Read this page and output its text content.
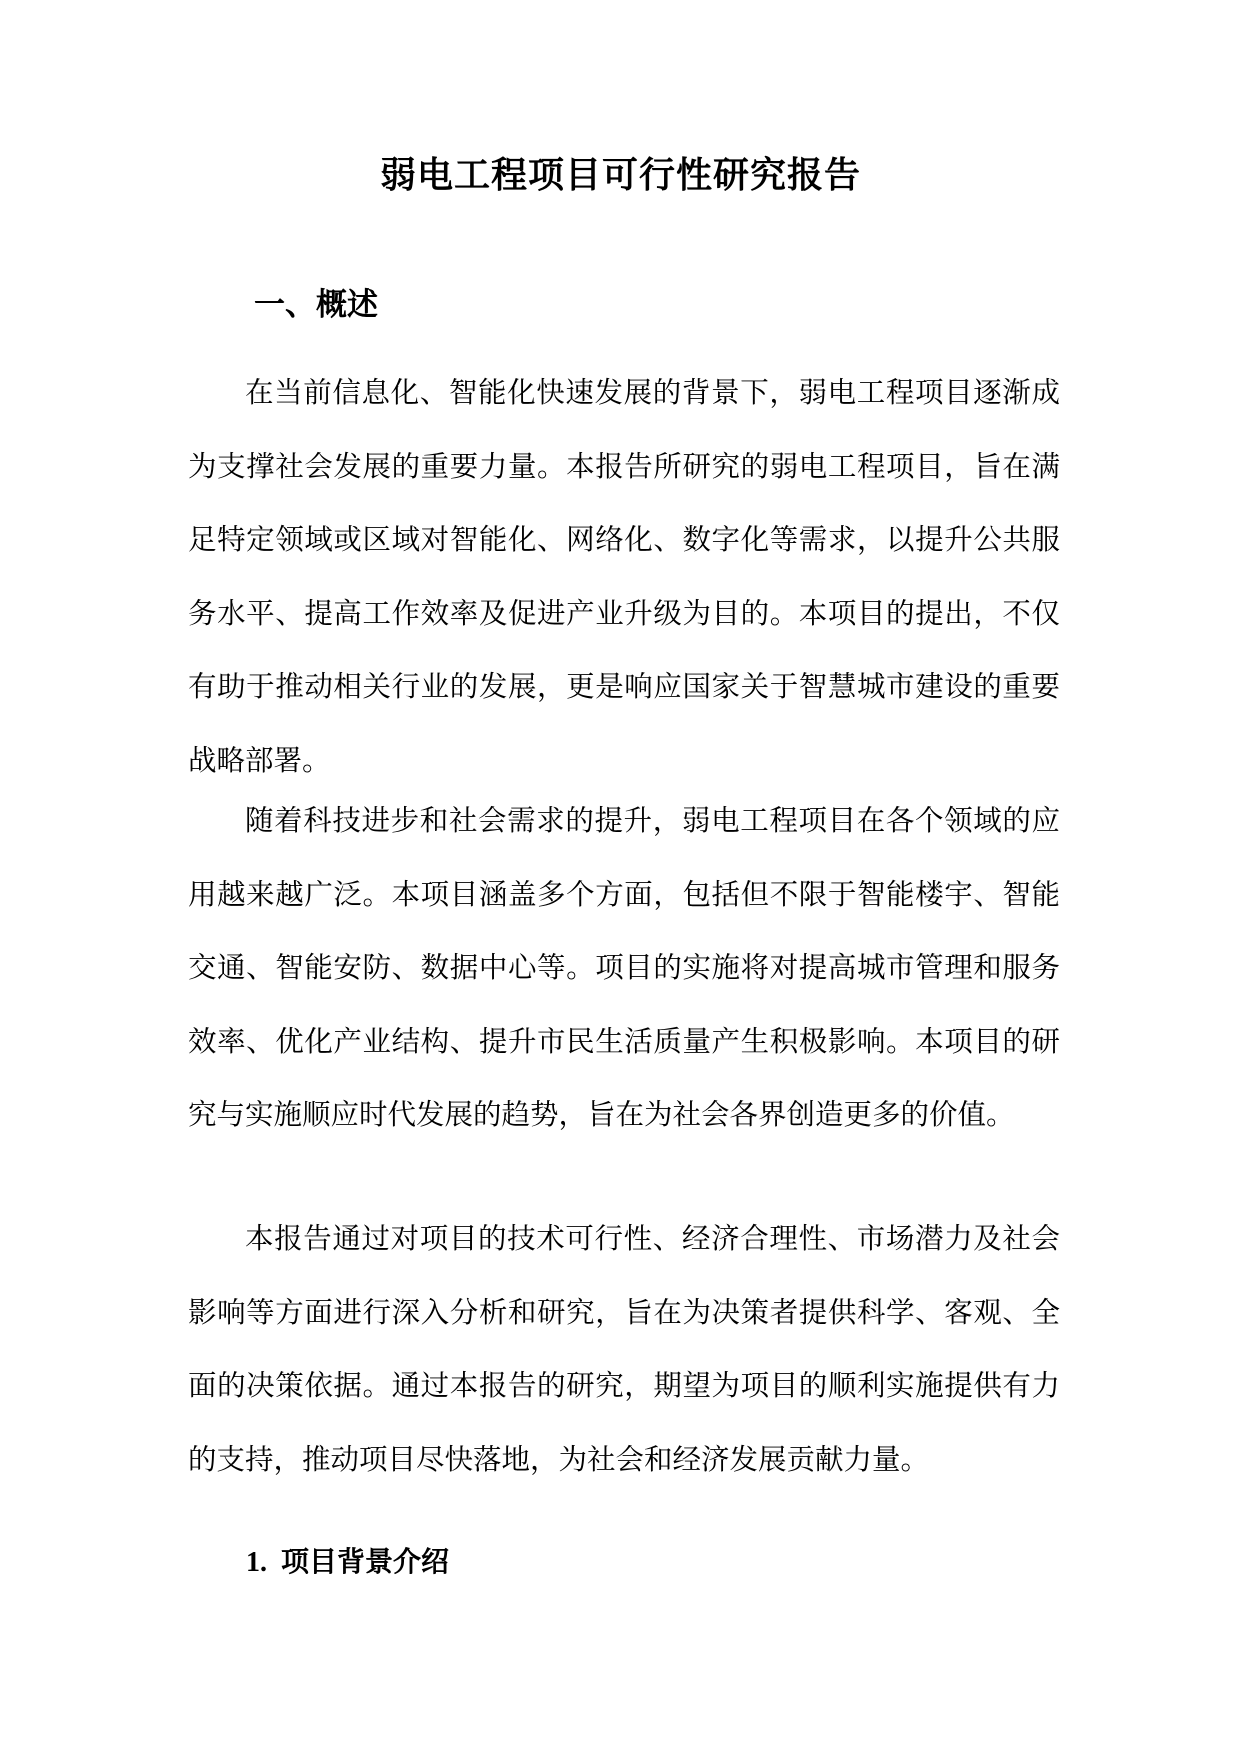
弱电工程项目可行性研究报告
一、概述

在当前信息化、智能化快速发展的背景下，弱电工程项目逐渐成为支撑社会发展的重要力量。本报告所研究的弱电工程项目，旨在满足特定领域或区域对智能化、网络化、数字化等需求，以提升公共服务水平、提高工作效率及促进产业升级为目的。本项目的提出，不仅有助于推动相关行业的发展，更是响应国家关于智慧城市建设的重要战略部署。

随着科技进步和社会需求的提升，弱电工程项目在各个领域的应用越来越广泛。本项目涵盖多个方面，包括但不限于智能楼宇、智能交通、智能安防、数据中心等。项目的实施将对提高城市管理和服务效率、优化产业结构、提升市民生活质量产生积极影响。本项目的研究与实施顺应时代发展的趋势，旨在为社会各界创造更多的价值。

本报告通过对项目的技术可行性、经济合理性、市场潜力及社会影响等方面进行深入分析和研究，旨在为决策者提供科学、客观、全面的决策依据。通过本报告的研究，期望为项目的顺利实施提供有力的支持，推动项目尽快落地，为社会和经济发展贡献力量。

1. 项目背景介绍
